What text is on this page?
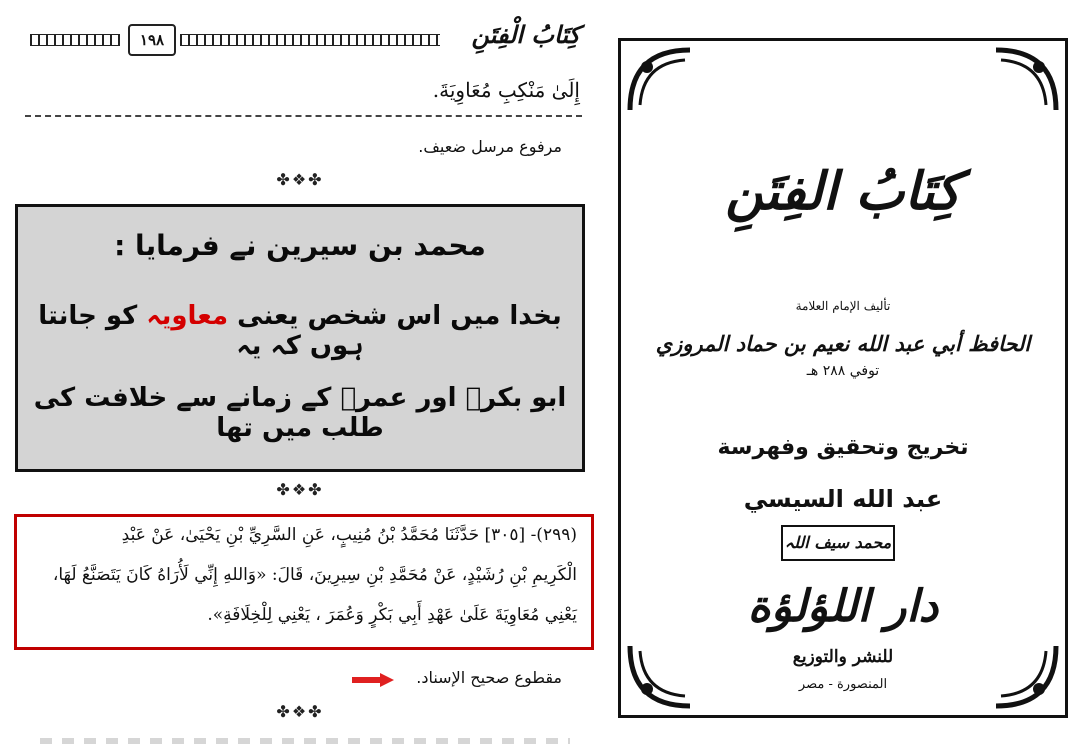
١٩٨	كِتَابُ الْفِتَنِ
إِلَىٰ مَنْكِبِ مُعَاوِيَةَ.
مرفوع مرسل ضعيف.
✤❖✤
محمد بن سیرین نے فرمایا :
بخدا میں اس شخص یعنی معاویہ کو جانتا ہوں کہ یہ
ابو بکرؓ اور عمرؓ کے زمانے سے خلافت کی طلب میں تھا
✤❖✤
(٢٩٩)- [٣٠٥] حَدَّثَنَا مُحَمَّدُ بْنُ مُنِيبٍ، عَنِ السَّرِيِّ بْنِ يَحْيَىٰ، عَنْ عَبْدِ
الْكَرِيمِ بْنِ رُشَيْدٍ، عَنْ مُحَمَّدِ بْنِ سِيرِينَ، قَالَ: «وَاللهِ إِنِّي لَأُرَاهُ كَانَ يَتَصَنَّعُ لَهَا،
يَعْنِي مُعَاوِيَةَ عَلَىٰ عَهْدِ أَبِي بَكْرٍ وَعُمَرَ ، يَعْنِي لِلْخِلَافَةِ».
مقطوع صحيح الإسناد.
✤❖✤
كِتَابُ الفِتَنِ
تأليف الإمام العلامة
الحافظ أبي عبد الله نعيم بن حماد المروزي
توفي ٢٨٨ هـ
تخريج وتحقيق وفهرسة
عبد الله السيسي
محمد سیف اللہ
دار اللؤلؤة
للنشر والتوزيع
المنصورة - مصر
